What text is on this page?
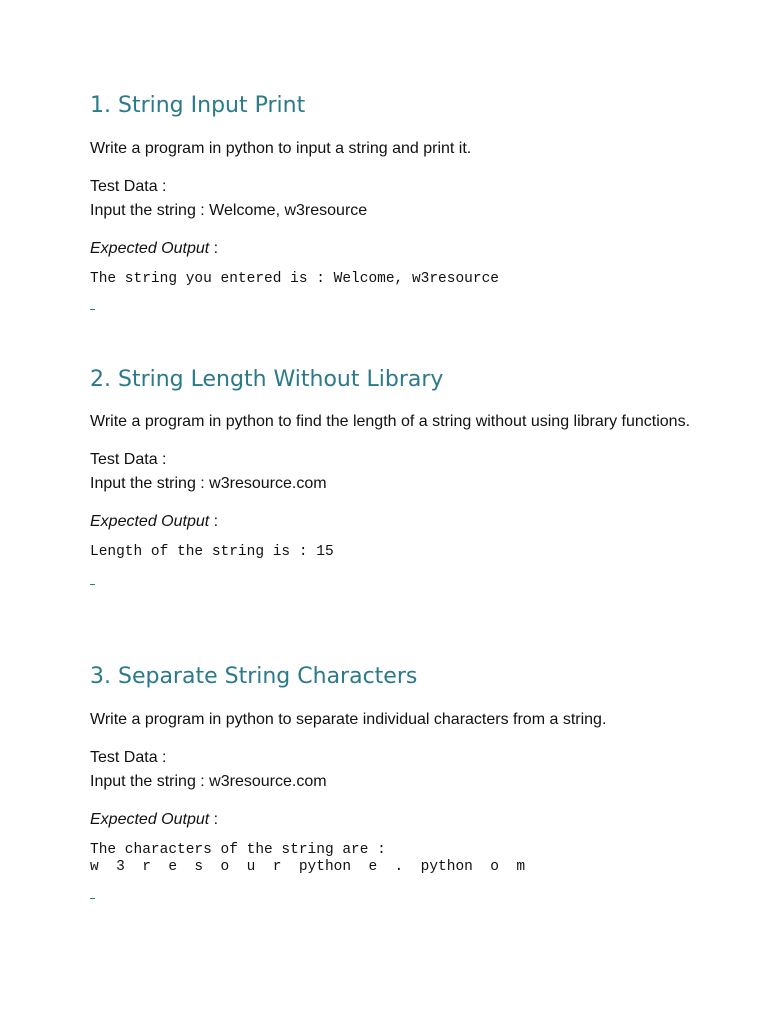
1. String Input Print

Write a program in python to input a string and print it.

Test Data :
Input the string : Welcome, w3resource

Expected Output :

The string you entered is : Welcome, w3resource
2. String Length Without Library

Write a program in python to find the length of a string without using library functions.

Test Data :
Input the string : w3resource.com

Expected Output :

Length of the string is : 15
3. Separate String Characters

Write a program in python to separate individual characters from a string.

Test Data :
Input the string : w3resource.com

Expected Output :

The characters of the string are :
w  3  r  e  s  o  u  r  python  e  .  python  o  m
